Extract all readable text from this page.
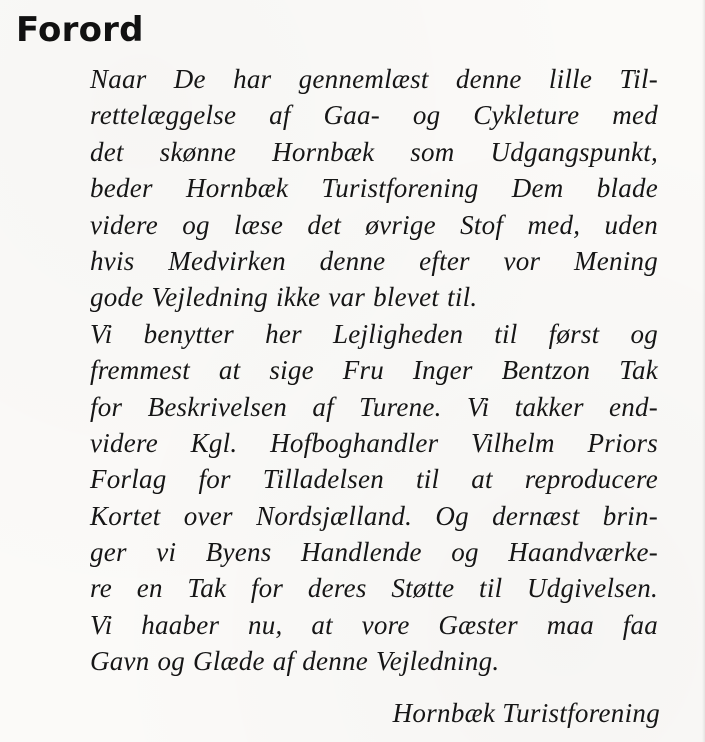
Forord
Naar De har gennemlæst denne lille Til-
rettelæggelse af Gaa- og Cykleture med
det skønne Hornbæk som Udgangspunkt,
beder Hornbæk Turistforening Dem blade
videre og læse det øvrige Stof med, uden
hvis Medvirken denne efter vor Mening
gode Vejledning ikke var blevet til.
Vi benytter her Lejligheden til først og
fremmest at sige Fru Inger Bentzon Tak
for Beskrivelsen af Turene. Vi takker end-
videre Kgl. Hofboghandler Vilhelm Priors
Forlag for Tilladelsen til at reproducere
Kortet over Nordsjælland. Og dernæst brin-
ger vi Byens Handlende og Haandværke-
re en Tak for deres Støtte til Udgivelsen.
Vi haaber nu, at vore Gæster maa faa
Gavn og Glæde af denne Vejledning.

Hornbæk Turistforening
